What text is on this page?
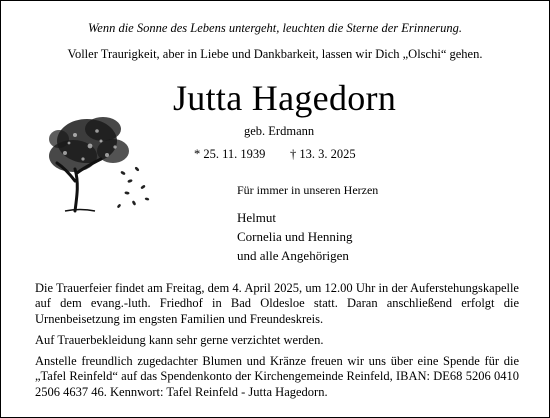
Wenn die Sonne des Lebens untergeht, leuchten die Sterne der Erinnerung.
Voller Traurigkeit, aber in Liebe und Dankbarkeit, lassen wir Dich „Olschi“ gehen.
Jutta Hagedorn
geb. Erdmann
* 25. 11. 1939 † 13. 3. 2025
Für immer in unseren Herzen
Helmut
Cornelia und Henning
und alle Angehörigen

Die Trauerfeier findet am Freitag, dem 4. April 2025, um 12.00 Uhr in der Auferstehungskapelle auf dem evang.-luth. Friedhof in Bad Oldesloe statt. Daran anschließend erfolgt die Urnenbeisetzung im engsten Familien und Freundeskreis.

Auf Trauerbekleidung kann sehr gerne verzichtet werden.

Anstelle freundlich zugedachter Blumen und Kränze freuen wir uns über eine Spende für die „Tafel Reinfeld“ auf das Spendenkonto der Kirchengemeinde Reinfeld, IBAN: DE68 5206 0410 2506 4637 46. Kennwort: Tafel Reinfeld - Jutta Hagedorn.
